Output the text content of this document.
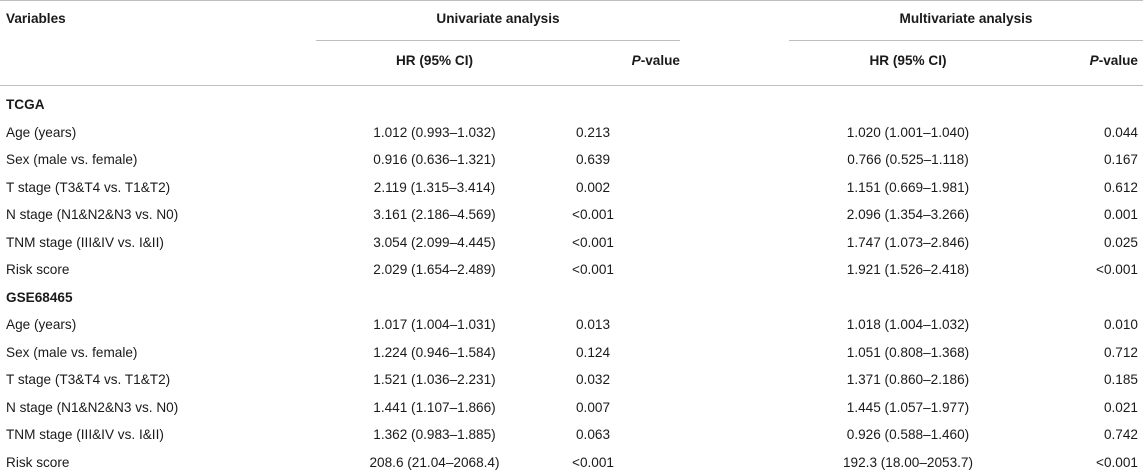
Variables	Univariate analysis	Multivariate analysis
HR (95% CI)	P-value	HR (95% CI)	P-value
TCGA
Age (years)	1.012 (0.993–1.032)	0.213	1.020 (1.001–1.040)	0.044
Sex (male vs. female)	0.916 (0.636–1.321)	0.639	0.766 (0.525–1.118)	0.167
T stage (T3&T4 vs. T1&T2)	2.119 (1.315–3.414)	0.002	1.151 (0.669–1.981)	0.612
N stage (N1&N2&N3 vs. N0)	3.161 (2.186–4.569)	<0.001	2.096 (1.354–3.266)	0.001
TNM stage (III&IV vs. I&II)	3.054 (2.099–4.445)	<0.001	1.747 (1.073–2.846)	0.025
Risk score	2.029 (1.654–2.489)	<0.001	1.921 (1.526–2.418)	<0.001
GSE68465
Age (years)	1.017 (1.004–1.031)	0.013	1.018 (1.004–1.032)	0.010
Sex (male vs. female)	1.224 (0.946–1.584)	0.124	1.051 (0.808–1.368)	0.712
T stage (T3&T4 vs. T1&T2)	1.521 (1.036–2.231)	0.032	1.371 (0.860–2.186)	0.185
N stage (N1&N2&N3 vs. N0)	1.441 (1.107–1.866)	0.007	1.445 (1.057–1.977)	0.021
TNM stage (III&IV vs. I&II)	1.362 (0.983–1.885)	0.063	0.926 (0.588–1.460)	0.742
Risk score	208.6 (21.04–2068.4)	<0.001	192.3 (18.00–2053.7)	<0.001
